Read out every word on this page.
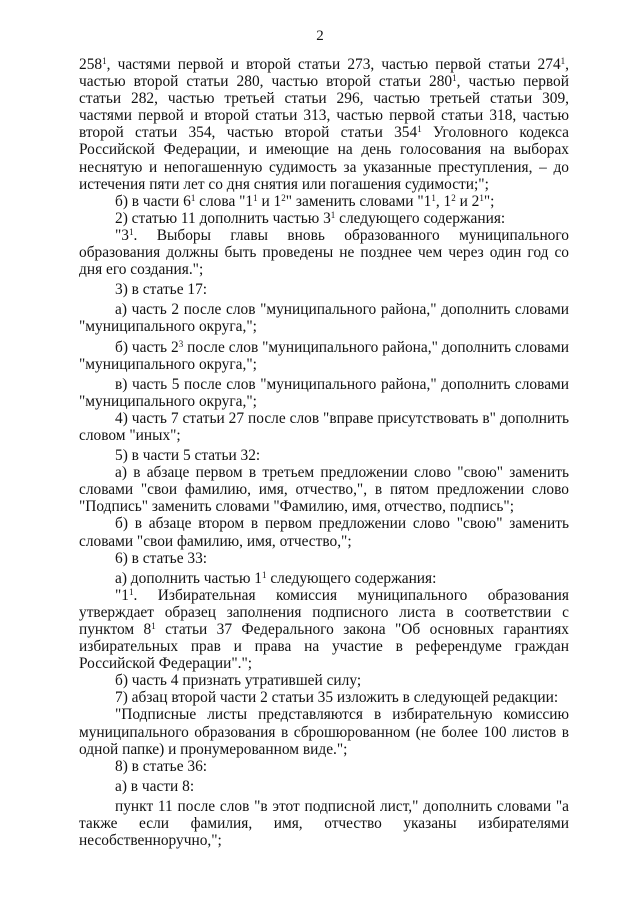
2

$258^1$, частями первой и второй статьи 273, частью первой статьи $274^1$, частью второй статьи 280, частью второй статьи $280^1$, частью первой статьи 282, частью третьей статьи 296, частью третьей статьи 309, частями первой и второй статьи 313, частью первой статьи 318, частью второй статьи 354, частью второй статьи $354^1$ Уголовного кодекса Российской Федерации, и имеющие на день голосования на выборах неснятую и непогашенную судимость за указанные преступления, – до истечения пяти лет со дня снятия или погашения судимости;";

б) в части $6^1$ слова "$1^1$ и $1^2$" заменить словами "$1^1$, $1^2$ и $2^1$";

2) статью 11 дополнить частью $3^1$ следующего содержания:

"$3^1$. Выборы главы вновь образованного муниципального образования должны быть проведены не позднее чем через один год со дня его создания.";

3) в статье 17:

а) часть 2 после слов "муниципального района," дополнить словами "муниципального округа,";

б) часть $2^3$ после слов "муниципального района," дополнить словами "муниципального округа,";

в) часть 5 после слов "муниципального района," дополнить словами "муниципального округа,";

4) часть 7 статьи 27 после слов "вправе присутствовать в" дополнить словом "иных";

5) в части 5 статьи 32:

а) в абзаце первом в третьем предложении слово "свою" заменить словами "свои фамилию, имя, отчество,", в пятом предложении слово "Подпись" заменить словами "Фамилию, имя, отчество, подпись";

б) в абзаце втором в первом предложении слово "свою" заменить словами "свои фамилию, имя, отчество,";

6) в статье 33:

а) дополнить частью $1^1$ следующего содержания:

"$1^1$. Избирательная комиссия муниципального образования утверждает образец заполнения подписного листа в соответствии с пунктом $8^1$ статьи 37 Федерального закона "Об основных гарантиях избирательных прав и права на участие в референдуме граждан Российской Федерации".";

б) часть 4 признать утратившей силу;

7) абзац второй части 2 статьи 35 изложить в следующей редакции:

"Подписные листы представляются в избирательную комиссию муниципального образования в сброшюрованном (не более 100 листов в одной папке) и пронумерованном виде.";

8) в статье 36:

а) в части 8:

пункт 11 после слов "в этот подписной лист," дополнить словами "а также если фамилия, имя, отчество указаны избирателями несобственноручно,";
